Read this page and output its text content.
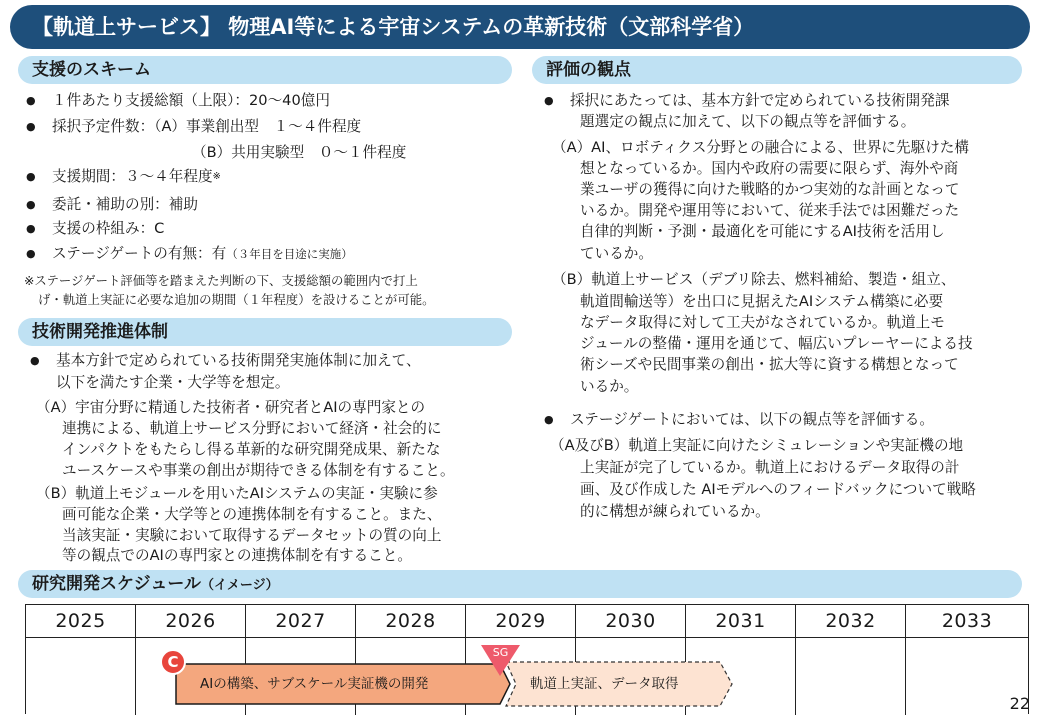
【軌道上サービス】 物理AI等による宇宙システムの革新技術（文部科学省）
支援のスキーム
● １件あたり支援総額（上限）：20～40億円
● 採択予定件数：（A）事業創出型　１～４件程度
（B）共用実験型　０～１件程度
● 支援期間：３～４年程度※
● 委託・補助の別：補助
● 支援の枠組み：C
● ステージゲートの有無：有（３年目を目途に実施）
※ステージゲート評価等を踏まえた判断の下、支援総額の範囲内で打上
げ・軌道上実証に必要な追加の期間（１年程度）を設けることが可能。
技術開発推進体制
● 基本方針で定められている技術開発実施体制に加えて、
以下を満たす企業・大学等を想定。
（A）宇宙分野に精通した技術者・研究者とAIの専門家との
連携による、軌道上サービス分野において経済・社会的に
インパクトをもたらし得る革新的な研究開発成果、新たな
ユースケースや事業の創出が期待できる体制を有すること。
（B）軌道上モジュールを用いたAIシステムの実証・実験に参
画可能な企業・大学等との連携体制を有すること。また、
当該実証・実験において取得するデータセットの質の向上
等の観点でのAIの専門家との連携体制を有すること。
評価の観点
● 採択にあたっては、基本方針で定められている技術開発課
題選定の観点に加えて、以下の観点等を評価する。
（A）AI、ロボティクス分野との融合による、世界に先駆けた構
想となっているか。国内や政府の需要に限らず、海外や商
業ユーザの獲得に向けた戦略的かつ実効的な計画となって
いるか。開発や運用等において、従来手法では困難だった
自律的判断・予測・最適化を可能にするAI技術を活用し
ているか。
（B）軌道上サービス（デブリ除去、燃料補給、製造・組立、
軌道間輸送等）を出口に見据えたAIシステム構築に必要
なデータ取得に対して工夫がなされているか。軌道上モ
ジュールの整備・運用を通じて、幅広いプレーヤーによる技
術シーズや民間事業の創出・拡大等に資する構想となって
いるか。
● ステージゲートにおいては、以下の観点等を評価する。
（A及びB）軌道上実証に向けたシミュレーションや実証機の地
上実証が完了しているか。軌道上におけるデータ取得の計
画、及び作成した AIモデルへのフィードバックについて戦略
的に構想が練られているか。
研究開発スケジュール（イメージ）
2025	2026	2027	2028	2029	2030	2031	2032	2033
C
SG
AIの構築、サブスケール実証機の開発	軌道上実証、データ取得
22
